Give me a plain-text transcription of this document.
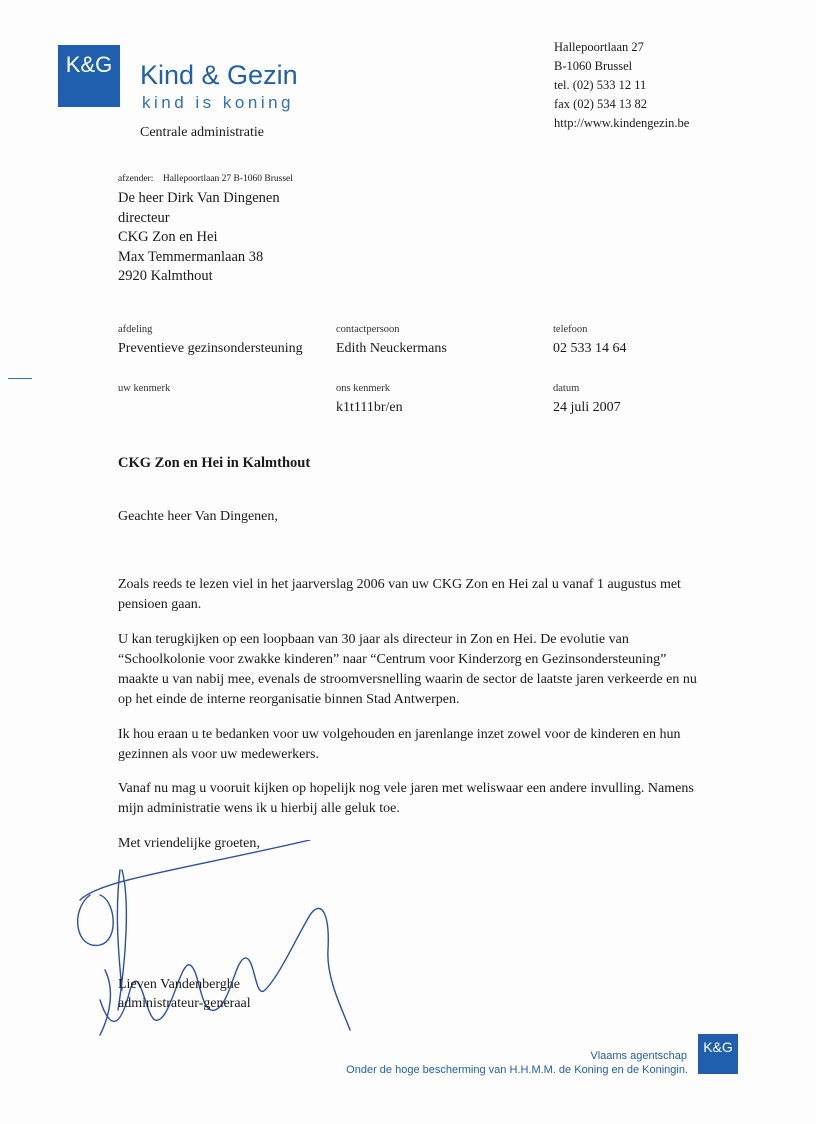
K&G Kind & Gezin
kind is koning
Centrale administratie
Hallepoortlaan 27
B-1060 Brussel
tel. (02) 533 12 11
fax (02) 534 13 82
http://www.kindengezin.be
afzender: Hallepoortlaan 27 B-1060 Brussel
De heer Dirk Van Dingenen
directeur
CKG Zon en Hei
Max Temmermanlaan 38
2920 Kalmthout
afdeling
Preventieve gezinsondersteuning
contactpersoon
Edith Neuckermans
telefoon
02 533 14 64
uw kenmerk	ons kenmerk
k1t111br/en
datum
24 juli 2007
CKG Zon en Hei in Kalmthout
Geachte heer Van Dingenen,
Zoals reeds te lezen viel in het jaarverslag 2006 van uw CKG Zon en Hei zal u vanaf 1 augustus met
pensioen gaan.
U kan terugkijken op een loopbaan van 30 jaar als directeur in Zon en Hei. De evolutie van
“Schoolkolonie voor zwakke kinderen” naar “Centrum voor Kinderzorg en Gezinsondersteuning”
maakte u van nabij mee, evenals de stroomversnelling waarin de sector de laatste jaren verkeerde en nu
op het einde de interne reorganisatie binnen Stad Antwerpen.
Ik hou eraan u te bedanken voor uw volgehouden en jarenlange inzet zowel voor de kinderen en hun
gezinnen als voor uw medewerkers.
Vanaf nu mag u vooruit kijken op hopelijk nog vele jaren met weliswaar een andere invulling. Namens
mijn administratie wens ik u hierbij alle geluk toe.
Met vriendelijke groeten,
Lieven Vandenberghe
administrateur-generaal
Vlaams agentschap
Onder de hoge bescherming van H.H.M.M. de Koning en de Koningin.
K&G
